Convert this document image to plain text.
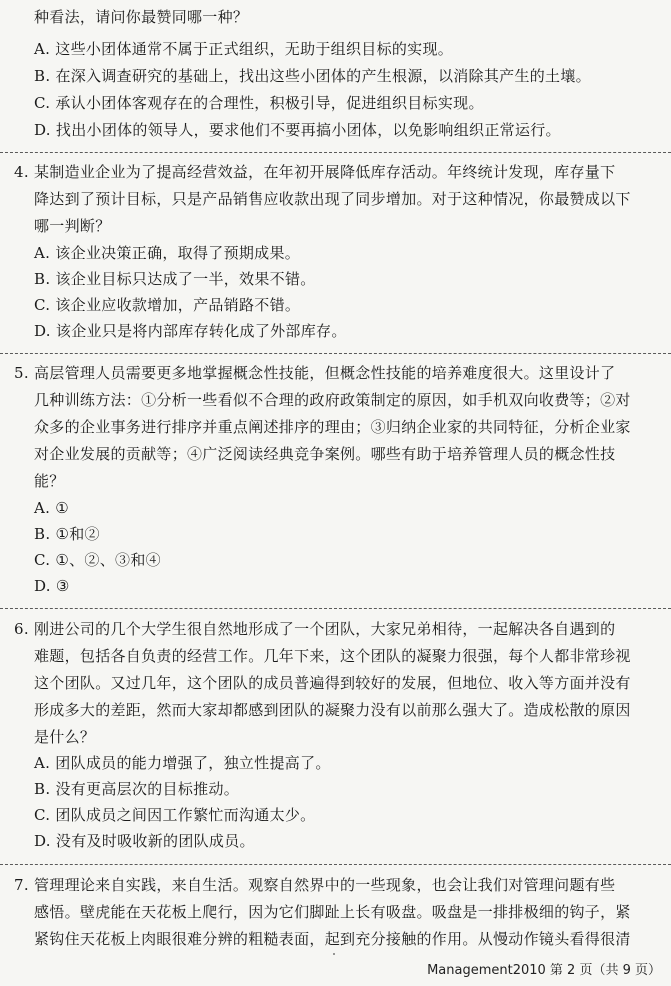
种看法，请问你最赞同哪一种？
A. 这些小团体通常不属于正式组织，无助于组织目标的实现。
B. 在深入调查研究的基础上，找出这些小团体的产生根源，以消除其产生的土壤。
C. 承认小团体客观存在的合理性，积极引导，促进组织目标实现。
D. 找出小团体的领导人，要求他们不要再搞小团体，以免影响组织正常运行。
4. 某制造业企业为了提高经营效益，在年初开展降低库存活动。年终统计发现，库存量下
降达到了预计目标，只是产品销售应收款出现了同步增加。对于这种情况，你最赞成以下
哪一判断？
A. 该企业决策正确，取得了预期成果。
B. 该企业目标只达成了一半，效果不错。
C. 该企业应收款增加，产品销路不错。
D. 该企业只是将内部库存转化成了外部库存。
5. 高层管理人员需要更多地掌握概念性技能，但概念性技能的培养难度很大。这里设计了
几种训练方法：①分析一些看似不合理的政府政策制定的原因，如手机双向收费等；②对
众多的企业事务进行排序并重点阐述排序的理由；③归纳企业家的共同特征，分析企业家
对企业发展的贡献等；④广泛阅读经典竞争案例。哪些有助于培养管理人员的概念性技
能？
A. ①
B. ①和②
C. ①、②、③和④
D. ③
6. 刚进公司的几个大学生很自然地形成了一个团队，大家兄弟相待，一起解决各自遇到的
难题，包括各自负责的经营工作。几年下来，这个团队的凝聚力很强，每个人都非常珍视
这个团队。又过几年，这个团队的成员普遍得到较好的发展，但地位、收入等方面并没有
形成多大的差距，然而大家却都感到团队的凝聚力没有以前那么强大了。造成松散的原因
是什么？
A. 团队成员的能力增强了，独立性提高了。
B. 没有更高层次的目标推动。
C. 团队成员之间因工作繁忙而沟通太少。
D. 没有及时吸收新的团队成员。
7. 管理理论来自实践，来自生活。观察自然界中的一些现象，也会让我们对管理问题有些
感悟。壁虎能在天花板上爬行，因为它们脚趾上长有吸盘。吸盘是一排排极细的钩子，紧
紧钩住天花板上肉眼很难分辨的粗糙表面，起到充分接触的作用。从慢动作镜头看得很清
Management2010 第 2 页（共 9 页）
